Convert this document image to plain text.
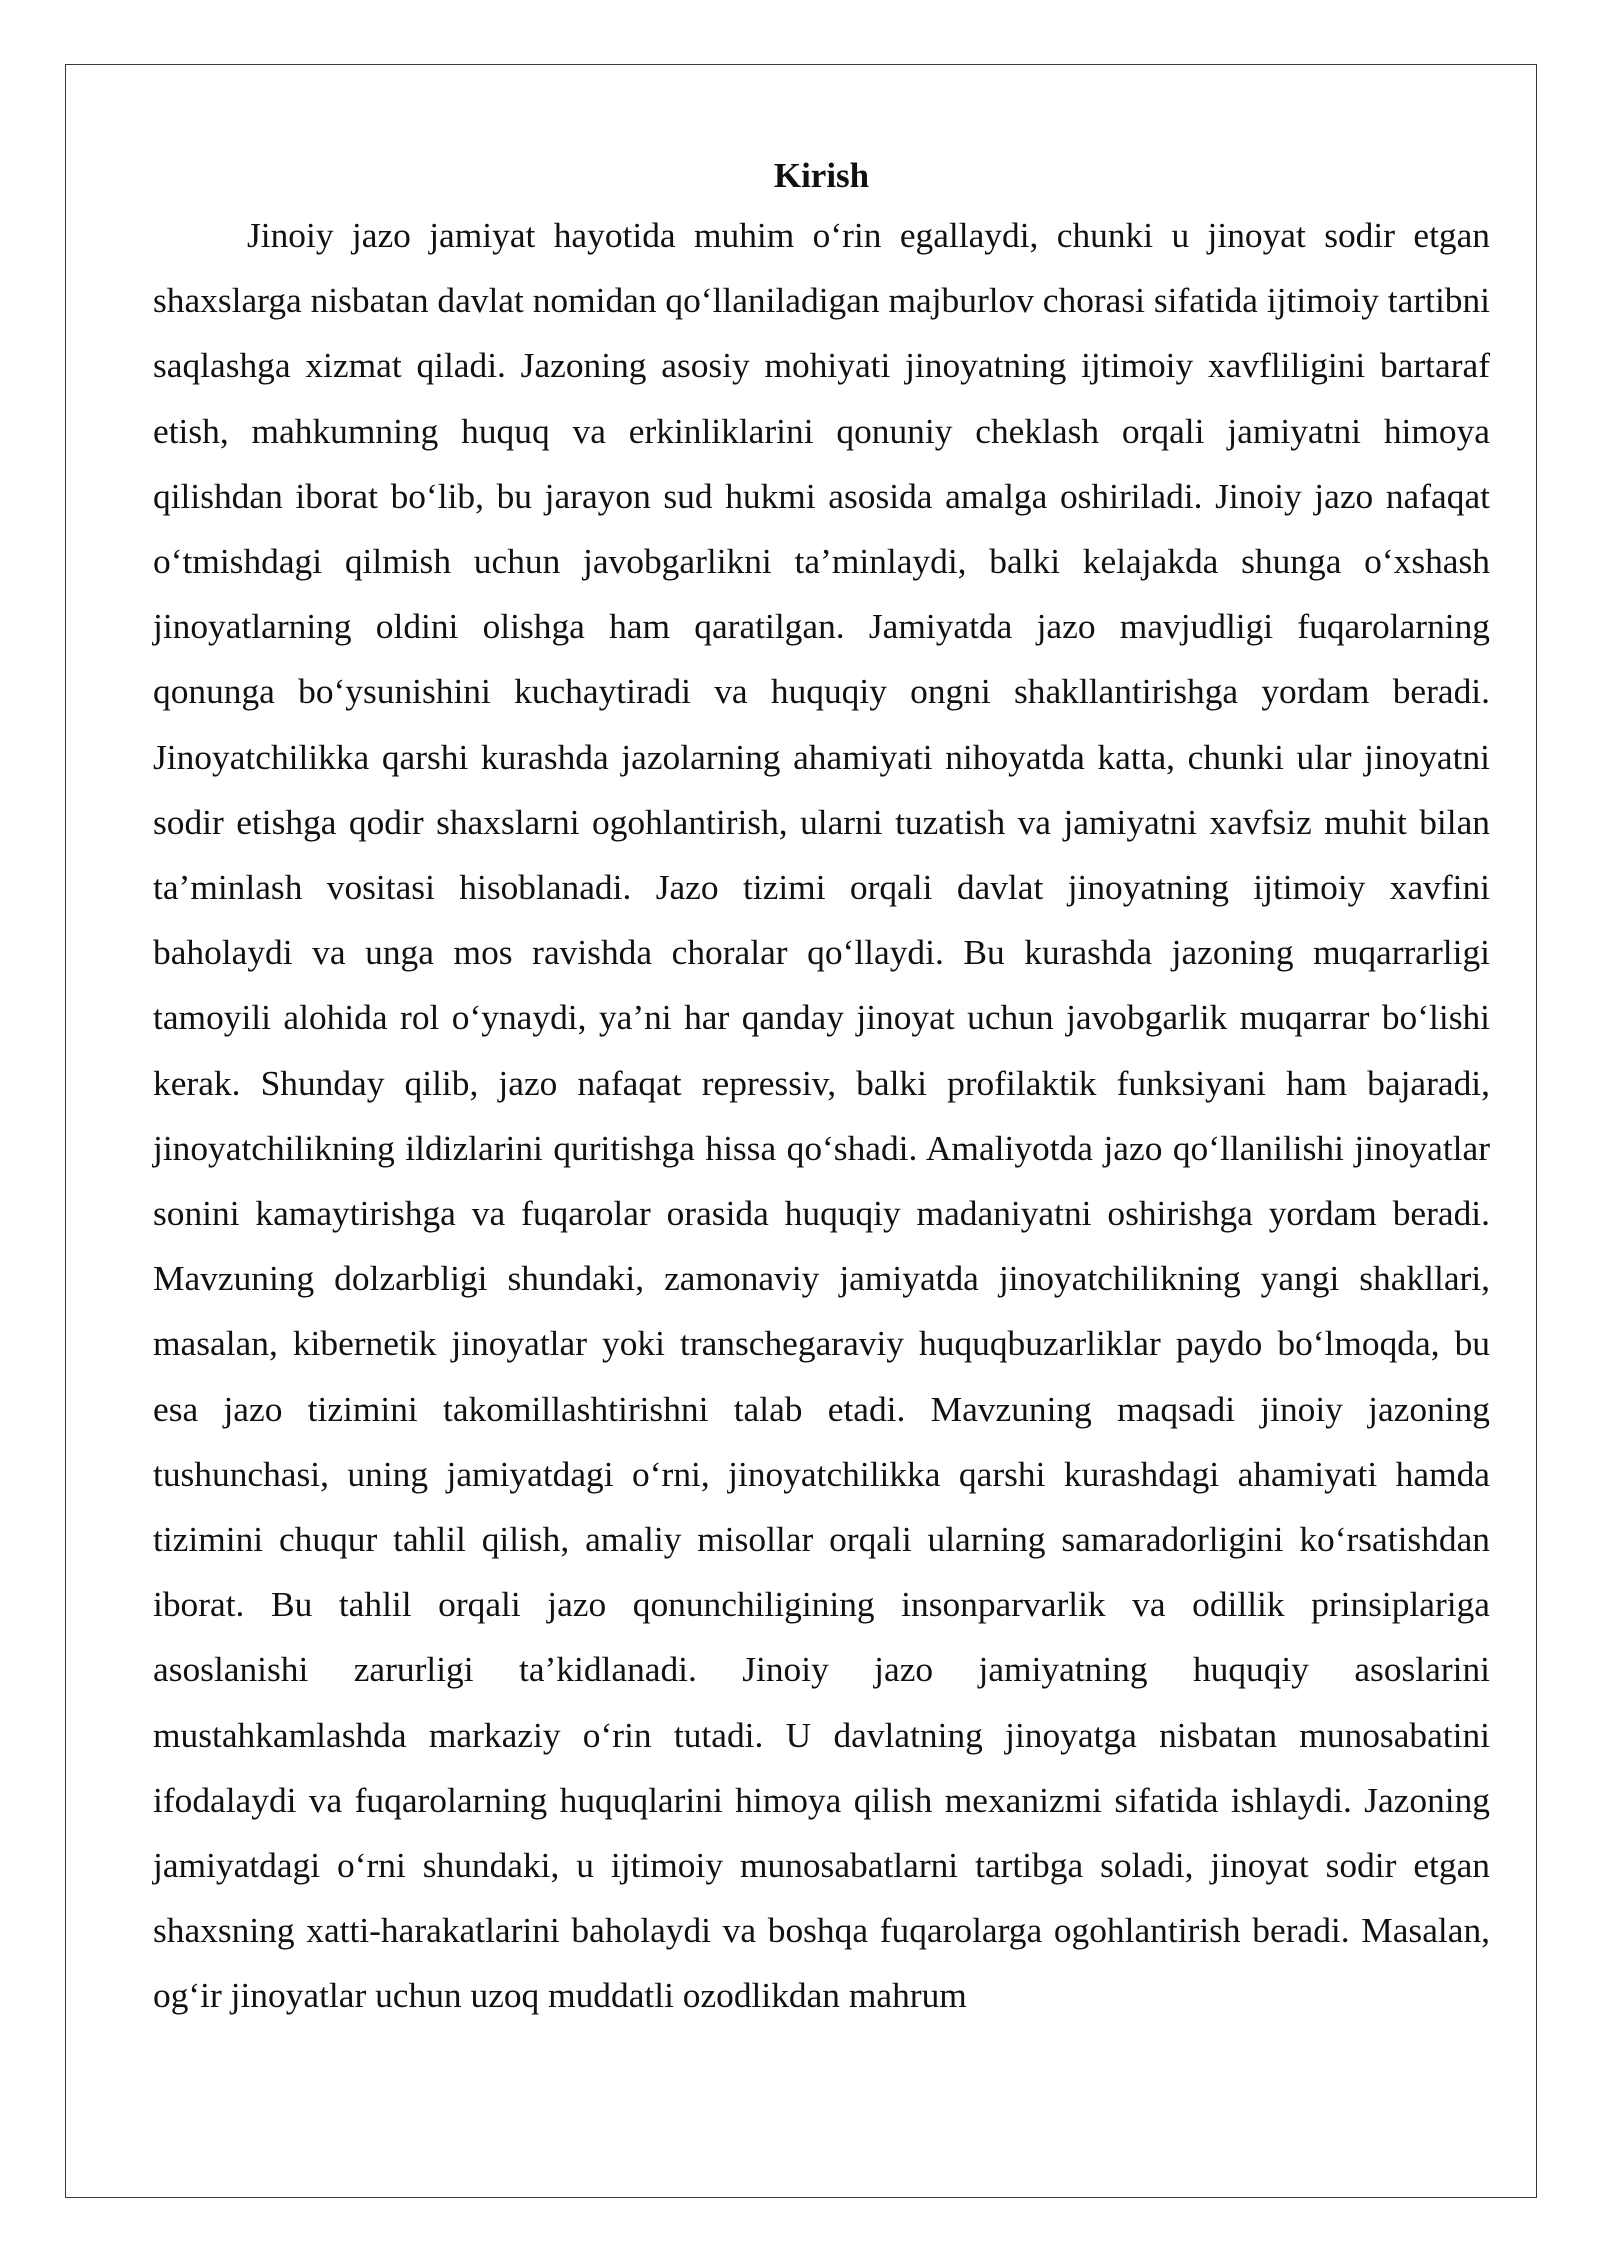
Kirish

Jinoiy jazo jamiyat hayotida muhim o‘rin egallaydi, chunki u jinoyat sodir etgan shaxslarga nisbatan davlat nomidan qo‘llaniladigan majburlov chorasi sifatida ijtimoiy tartibni saqlashga xizmat qiladi. Jazoning asosiy mohiyati jinoyatning ijtimoiy xavfliligini bartaraf etish, mahkumning huquq va erkinliklarini qonuniy cheklash orqali jamiyatni himoya qilishdan iborat bo‘lib, bu jarayon sud hukmi asosida amalga oshiriladi. Jinoiy jazo nafaqat o‘tmishdagi qilmish uchun javobgarlikni ta’minlaydi, balki kelajakda shunga o‘xshash jinoyatlarning oldini olishga ham qaratilgan. Jamiyatda jazo mavjudligi fuqarolarning qonunga bo‘ysunishini kuchaytiradi va huquqiy ongni shakllantirishga yordam beradi. Jinoyatchilikka qarshi kurashda jazolarning ahamiyati nihoyatda katta, chunki ular jinoyatni sodir etishga qodir shaxslarni ogohlantirish, ularni tuzatish va jamiyatni xavfsiz muhit bilan ta’minlash vositasi hisoblanadi. Jazo tizimi orqali davlat jinoyatning ijtimoiy xavfini baholaydi va unga mos ravishda choralar qo‘llaydi. Bu kurashda jazoning muqarrarligi tamoyili alohida rol o‘ynaydi, ya’ni har qanday jinoyat uchun javobgarlik muqarrar bo‘lishi kerak. Shunday qilib, jazo nafaqat repressiv, balki profilaktik funksiyani ham bajaradi, jinoyatchilikning ildizlarini quritishga hissa qo‘shadi. Amaliyotda jazo qo‘llanilishi jinoyatlar sonini kamaytirishga va fuqarolar orasida huquqiy madaniyatni oshirishga yordam beradi. Mavzuning dolzarbligi shundaki, zamonaviy jamiyatda jinoyatchilikning yangi shakllari, masalan, kibernetik jinoyatlar yoki transchegaraviy huquqbuzarliklar paydo bo‘lmoqda, bu esa jazo tizimini takomillashtirishni talab etadi. Mavzuning maqsadi jinoiy jazoning tushunchasi, uning jamiyatdagi o‘rni, jinoyatchilikka qarshi kurashdagi ahamiyati hamda tizimini chuqur tahlil qilish, amaliy misollar orqali ularning samaradorligini ko‘rsatishdan iborat. Bu tahlil orqali jazo qonunchiligining insonparvarlik va odillik prinsiplariga asoslanishi zarurligi ta’kidlanadi. Jinoiy jazo jamiyatning huquqiy asoslarini mustahkamlashda markaziy o‘rin tutadi. U davlatning jinoyatga nisbatan munosabatini ifodalaydi va fuqarolarning huquqlarini himoya qilish mexanizmi sifatida ishlaydi. Jazoning jamiyatdagi o‘rni shundaki, u ijtimoiy munosabatlarni tartibga soladi, jinoyat sodir etgan shaxsning xatti-harakatlarini baholaydi va boshqa fuqarolarga ogohlantirish beradi. Masalan, og‘ir jinoyatlar uchun uzoq muddatli ozodlikdan mahrum
